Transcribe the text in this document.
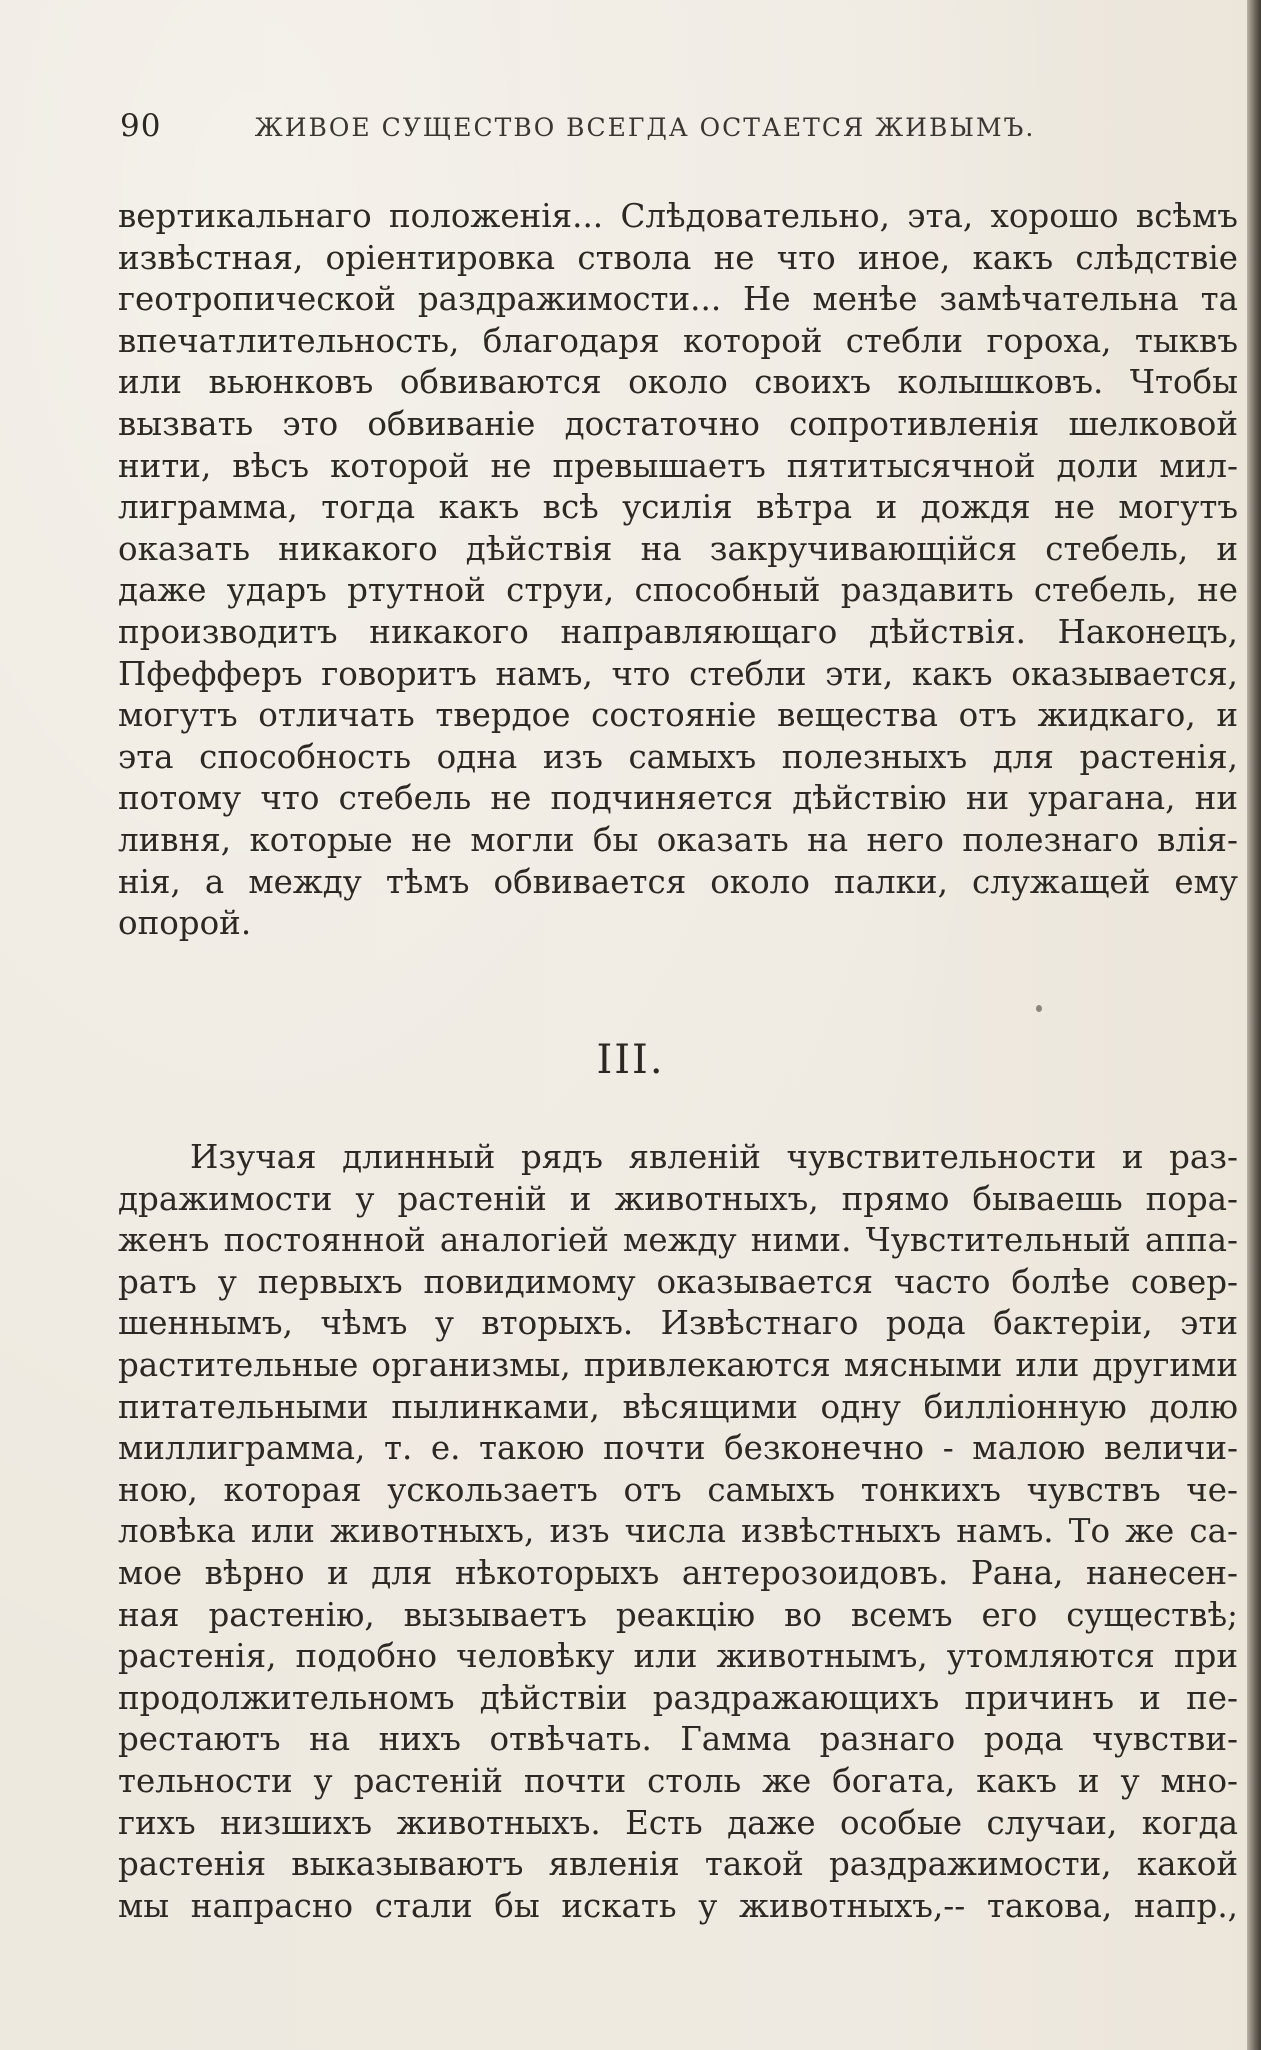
90	ЖИВОЕ СУЩЕСТВО ВСЕГДА ОСТАЕТСЯ ЖИВЫМЪ.
вертикальнаго положенія... Слѣдовательно, эта, хорошо всѣмъ
извѣстная, оріентировка ствола не что иное, какъ слѣдствіе
геотропической раздражимости... Не менѣе замѣчательна та
впечатлительность, благодаря которой стебли гороха, тыквъ
или вьюнковъ обвиваются около своихъ колышковъ. Чтобы
вызвать это обвиваніе достаточно сопротивленія шелковой
нити, вѣсъ которой не превышаетъ пятитысячной доли мил-
лиграмма, тогда какъ всѣ усилія вѣтра и дождя не могутъ
оказать никакого дѣйствія на закручивающійся стебель, и
даже ударъ ртутной струи, способный раздавить стебель, не
производитъ никакого направляющаго дѣйствія. Наконецъ,
Пфефферъ говоритъ намъ, что стебли эти, какъ оказывается,
могутъ отличать твердое состояніе вещества отъ жидкаго, и
эта способность одна изъ самыхъ полезныхъ для растенія,
потому что стебель не подчиняется дѣйствію ни урагана, ни
ливня, которые не могли бы оказать на него полезнаго влія-
нія, а между тѣмъ обвивается около палки, служащей ему
опорой.
III.
Изучая длинный рядъ явленій чувствительности и раз-
дражимости у растеній и животныхъ, прямо бываешь пора-
женъ постоянной аналогіей между ними. Чувстительный аппа-
ратъ у первыхъ повидимому оказывается часто болѣе совер-
шеннымъ, чѣмъ у вторыхъ. Извѣстнаго рода бактеріи, эти
растительные организмы, привлекаются мясными или другими
питательными пылинками, вѣсящими одну билліонную долю
миллиграмма, т. е. такою почти безконечно - малою величи-
ною, которая ускользаетъ отъ самыхъ тонкихъ чувствъ че-
ловѣка или животныхъ, изъ числа извѣстныхъ намъ. То же са-
мое вѣрно и для нѣкоторыхъ антерозоидовъ. Рана, нанесен-
ная растенію, вызываетъ реакцію во всемъ его существѣ;
растенія, подобно человѣку или животнымъ, утомляются при
продолжительномъ дѣйствіи раздражающихъ причинъ и пе-
рестаютъ на нихъ отвѣчать. Гамма разнаго рода чувстви-
тельности у растеній почти столь же богата, какъ и у мно-
гихъ низшихъ животныхъ. Есть даже особые случаи, когда
растенія выказываютъ явленія такой раздражимости, какой
мы напрасно стали бы искать у животныхъ,-- такова, напр.,
